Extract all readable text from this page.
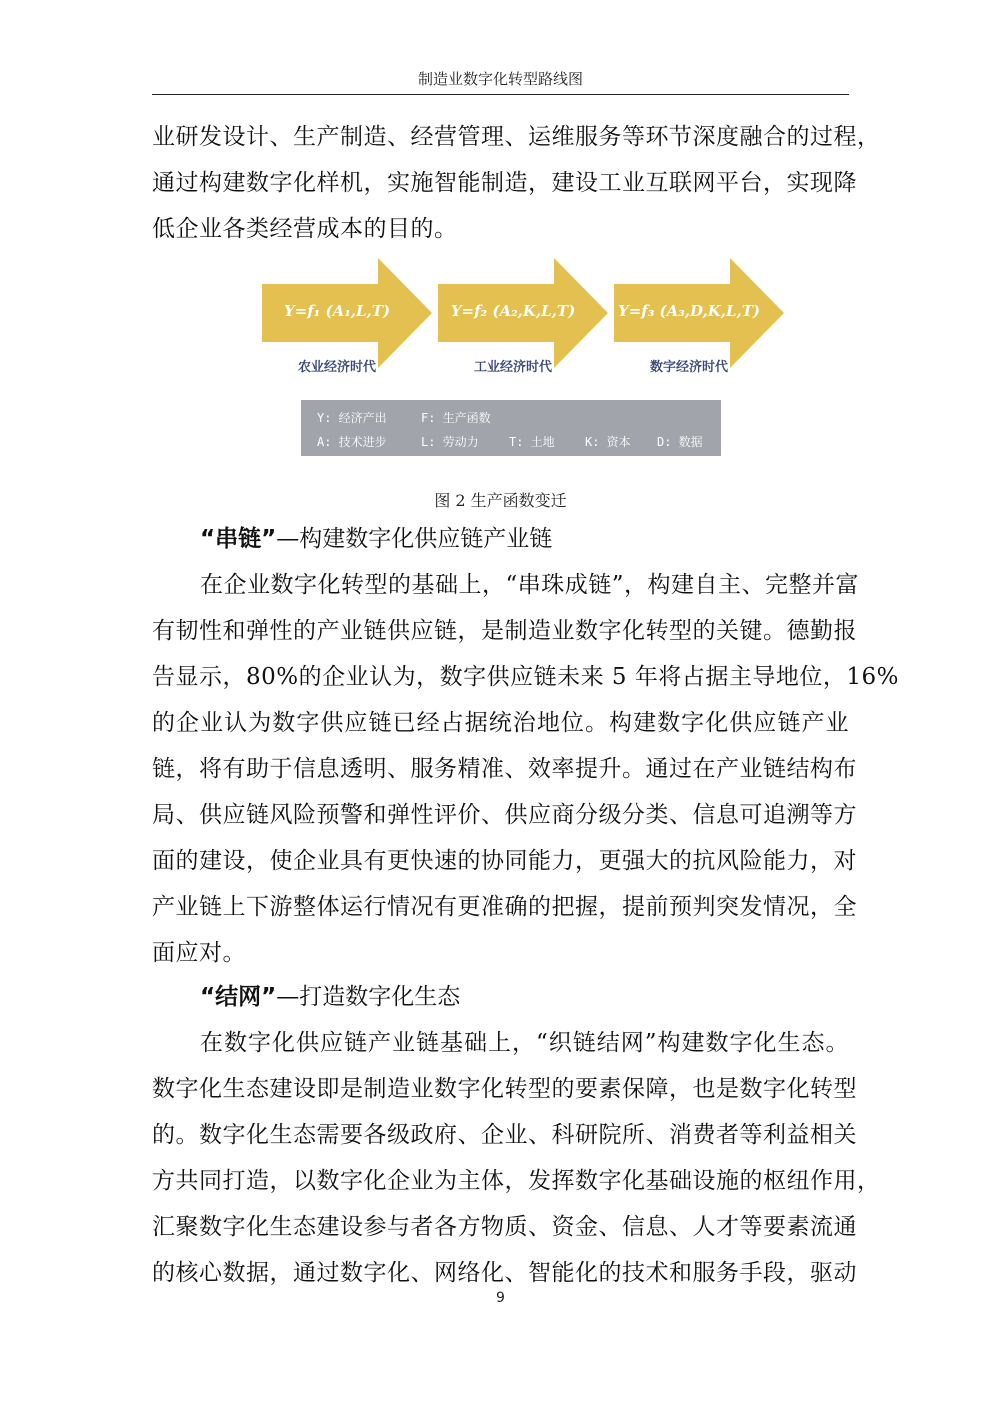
制造业数字化转型路线图
业研发设计、生产制造、经营管理、运维服务等环节深度融合的过程，
通过构建数字化样机，实施智能制造，建设工业互联网平台，实现降
低企业各类经营成本的目的。
Y=f₁ (A₁,L,T)
农业经济时代
Y=f₂ (A₂,K,L,T)
工业经济时代
Y=f₃ (A₃,D,K,L,T)
数字经济时代
Y: 经济产出	F: 生产函数
A: 技术进步	L: 劳动力	T: 土地	K: 资本 D: 数据
图 2 生产函数变迁
“串链”—构建数字化供应链产业链
在企业数字化转型的基础上，“串珠成链”，构建自主、完整并富
有韧性和弹性的产业链供应链，是制造业数字化转型的关键。德勤报
告显示，80%的企业认为，数字供应链未来 5 年将占据主导地位，16%
的企业认为数字供应链已经占据统治地位。构建数字化供应链产业
链，将有助于信息透明、服务精准、效率提升。通过在产业链结构布
局、供应链风险预警和弹性评价、供应商分级分类、信息可追溯等方
面的建设，使企业具有更快速的协同能力，更强大的抗风险能力，对
产业链上下游整体运行情况有更准确的把握，提前预判突发情况，全
面应对。
“结网”—打造数字化生态
在数字化供应链产业链基础上，“织链结网”构建数字化生态。
数字化生态建设即是制造业数字化转型的要素保障，也是数字化转型
的。数字化生态需要各级政府、企业、科研院所、消费者等利益相关
方共同打造，以数字化企业为主体，发挥数字化基础设施的枢纽作用，
汇聚数字化生态建设参与者各方物质、资金、信息、人才等要素流通
的核心数据，通过数字化、网络化、智能化的技术和服务手段，驱动
9
